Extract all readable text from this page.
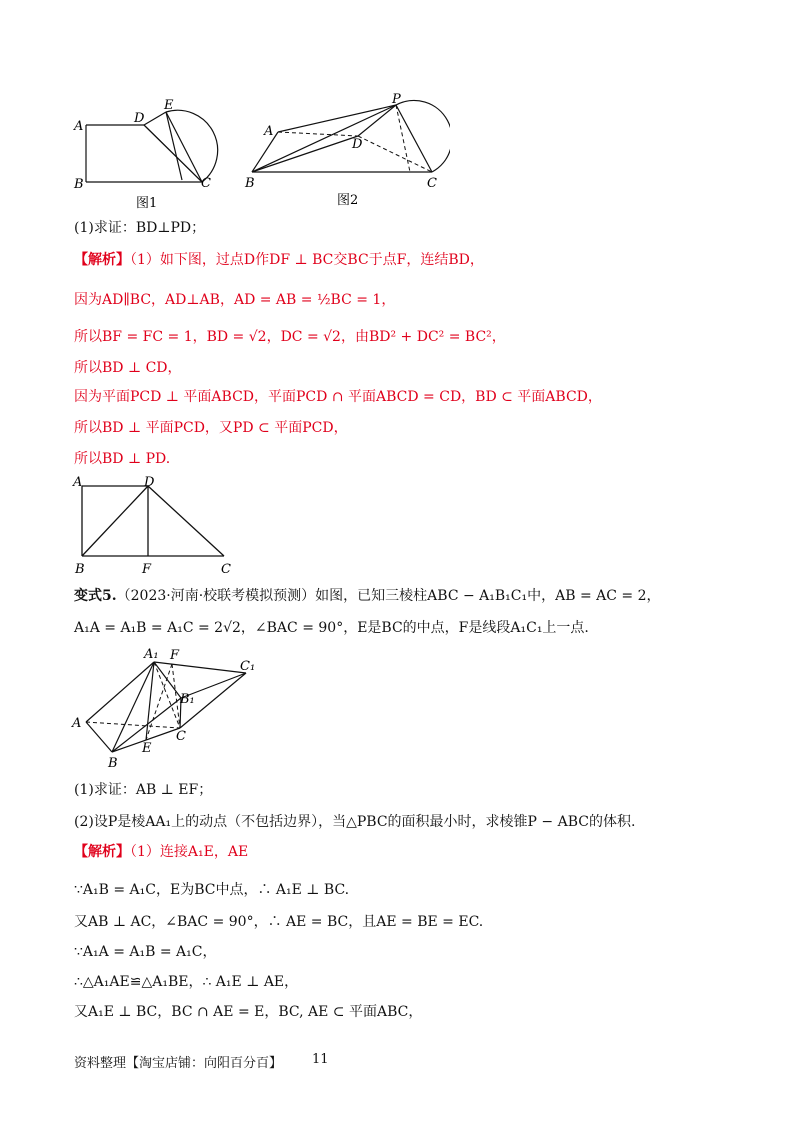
A
B	C
D
E
图1
A
B	C
D
P
图2
(1)求证：BD⊥PD；
【解析】（1）如下图，过点D作DF ⊥ BC交BC于点F，连结BD，
因为AD∥BC，AD⊥AB，AD = AB = ½BC = 1，
所以BF = FC = 1，BD = √2，DC = √2，由BD² + DC² = BC²，
所以BD ⊥ CD，
因为平面PCD ⊥ 平面ABCD，平面PCD ∩ 平面ABCD = CD，BD ⊂ 平面ABCD，
所以BD ⊥ 平面PCD，又PD ⊂ 平面PCD，
所以BD ⊥ PD.
A	D
B	F	C
变式5.（2023·河南·校联考模拟预测）如图，已知三棱柱ABC − A₁B₁C₁中，AB = AC = 2，
A₁A = A₁B = A₁C = 2√2，∠BAC = 90°，E是BC的中点，F是线段A₁C₁上一点.
A₁ F
C₁
B₁
A
C
E
B
(1)求证：AB ⊥ EF；
(2)设P是棱AA₁上的动点（不包括边界），当△PBC的面积最小时，求棱锥P − ABC的体积.
【解析】（1）连接A₁E，AE
∵A₁B = A₁C，E为BC中点，∴ A₁E ⊥ BC.
又AB ⊥ AC，∠BAC = 90°，∴ AE = BC，且AE = BE = EC.
∵A₁A = A₁B = A₁C，
∴△A₁AE≌△A₁BE，∴ A₁E ⊥ AE，
又A₁E ⊥ BC，BC ∩ AE = E，BC, AE ⊂ 平面ABC，
资料整理【淘宝店铺：向阳百分百】 11
